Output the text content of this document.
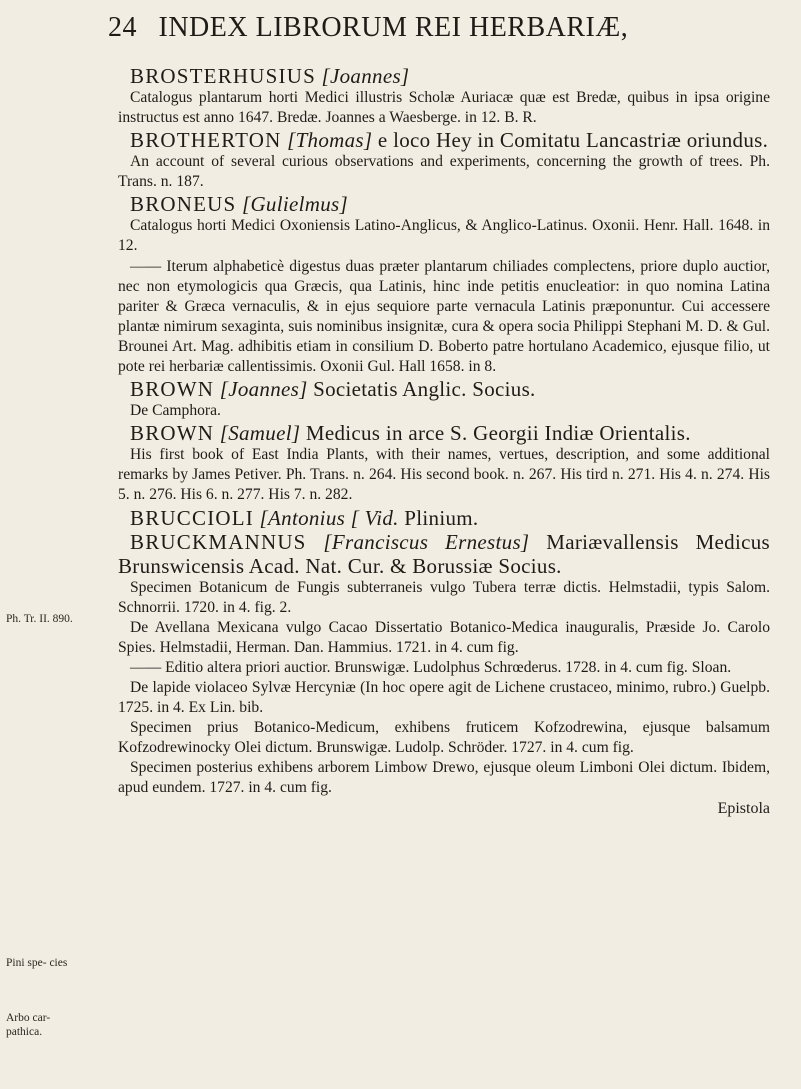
24 INDEX LIBRORUM REI HERBARIÆ,
Ph. Tr. II. 890.
Pini spe- cies
Arbo car- pathica.
BROSTERHUSIUS [Joannes]
Catalogus plantarum horti Medici illustris Scholæ Auriacæ quæ est Bredæ, quibus in ipsa origine instructus est anno 1647. Bredæ. Joannes a Waesberge. in 12. B. R.
BROTHERTON [Thomas] e loco Hey in Comitatu Lancastriæ oriundus.
An account of several curious observations and experiments, concerning the growth of trees. Ph. Trans. n. 187.
BRONEUS [Gulielmus]
Catalogus horti Medici Oxoniensis Latino-Anglicus, & Anglico-Latinus. Oxonii. Henr. Hall. 1648. in 12.
—— Iterum alphabeticè digestus duas præter plantarum chiliades complectens, priore duplo auctior, nec non etymologicis qua Græcis, qua Latinis, hinc inde petitis enucleatior: in quo nomina Latina pariter & Græca vernaculis, & in ejus sequiore parte vernacula Latinis præponuntur. Cui accessere plantæ nimirum sexaginta, suis nominibus insignitæ, cura & opera socia Philippi Stephani M. D. & Gul. Brounei Art. Mag. adhibitis etiam in consilium D. Boberto patre hortulano Academico, ejusque filio, ut pote rei herbariæ callentissimis. Oxonii Gul. Hall 1658. in 8.
BROWN [Joannes] Societatis Anglic. Socius.
De Camphora.
BROWN [Samuel] Medicus in arce S. Georgii Indiæ Orientalis.
His first book of East India Plants, with their names, vertues, description, and some additional remarks by James Petiver. Ph. Trans. n. 264. His second book. n. 267. His tird n. 271. His 4. n. 274. His 5. n. 276. His 6. n. 277. His 7. n. 282.
BRUCCIOLI [Antonius [ Vid. Plinium.
BRUCKMANNUS [Franciscus Ernestus] Mariævallensis Medicus Brunswicensis Acad. Nat. Cur. & Borussiæ Socius.
Specimen Botanicum de Fungis subterraneis vulgo Tubera terræ dictis. Helmstadii, typis Salom. Schnorrii. 1720. in 4. fig. 2.
De Avellana Mexicana vulgo Cacao Dissertatio Botanico-Medica inauguralis, Præside Jo. Carolo Spies. Helmstadii, Herman. Dan. Hammius. 1721. in 4. cum fig.
—— Editio altera priori auctior. Brunswigæ. Ludolphus Schrœderus. 1728. in 4. cum fig. Sloan.
De lapide violaceo Sylvæ Hercyniæ (In hoc opere agit de Lichene crustaceo, minimo, rubro.) Guelpb. 1725. in 4. Ex Lin. bib.
Specimen prius Botanico-Medicum, exhibens fruticem Kofzodrewina, ejusque balsamum Kofzodrewinocky Olei dictum. Brunswigæ. Ludolp. Schröder. 1727. in 4. cum fig.
Specimen posterius exhibens arborem Limbow Drewo, ejusque oleum Limboni Olei dictum. Ibidem, apud eundem. 1727. in 4. cum fig.
Epistola
